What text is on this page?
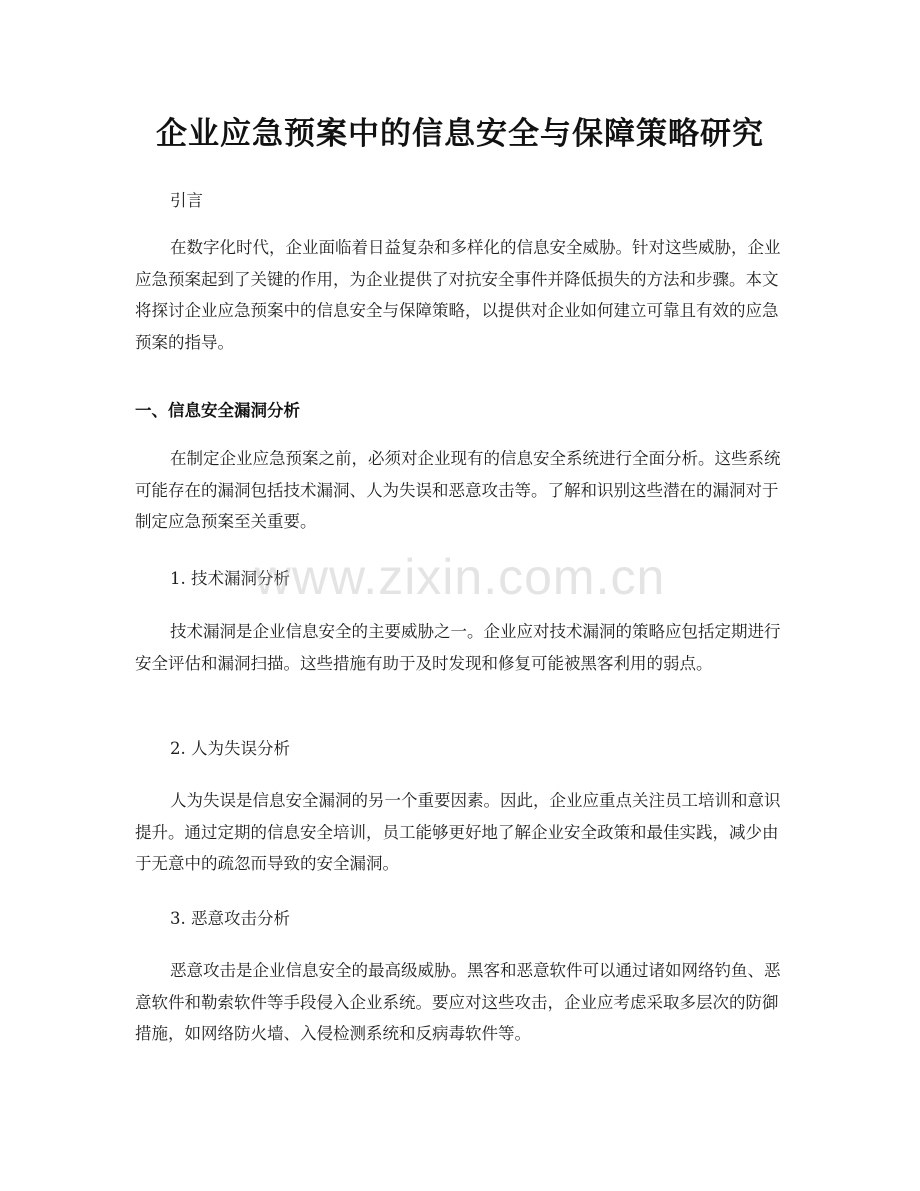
企业应急预案中的信息安全与保障策略研究

引言

在数字化时代，企业面临着日益复杂和多样化的信息安全威胁。针对这些威胁，企业应急预案起到了关键的作用，为企业提供了对抗安全事件并降低损失的方法和步骤。本文将探讨企业应急预案中的信息安全与保障策略，以提供对企业如何建立可靠且有效的应急预案的指导。

一、信息安全漏洞分析

在制定企业应急预案之前，必须对企业现有的信息安全系统进行全面分析。这些系统可能存在的漏洞包括技术漏洞、人为失误和恶意攻击等。了解和识别这些潜在的漏洞对于制定应急预案至关重要。

1. 技术漏洞分析

技术漏洞是企业信息安全的主要威胁之一。企业应对技术漏洞的策略应包括定期进行安全评估和漏洞扫描。这些措施有助于及时发现和修复可能被黑客利用的弱点。

2. 人为失误分析

人为失误是信息安全漏洞的另一个重要因素。因此，企业应重点关注员工培训和意识提升。通过定期的信息安全培训，员工能够更好地了解企业安全政策和最佳实践，减少由于无意中的疏忽而导致的安全漏洞。

3. 恶意攻击分析

恶意攻击是企业信息安全的最高级威胁。黑客和恶意软件可以通过诸如网络钓鱼、恶意软件和勒索软件等手段侵入企业系统。要应对这些攻击，企业应考虑采取多层次的防御措施，如网络防火墙、入侵检测系统和反病毒软件等。

www.zixin.com.cn
